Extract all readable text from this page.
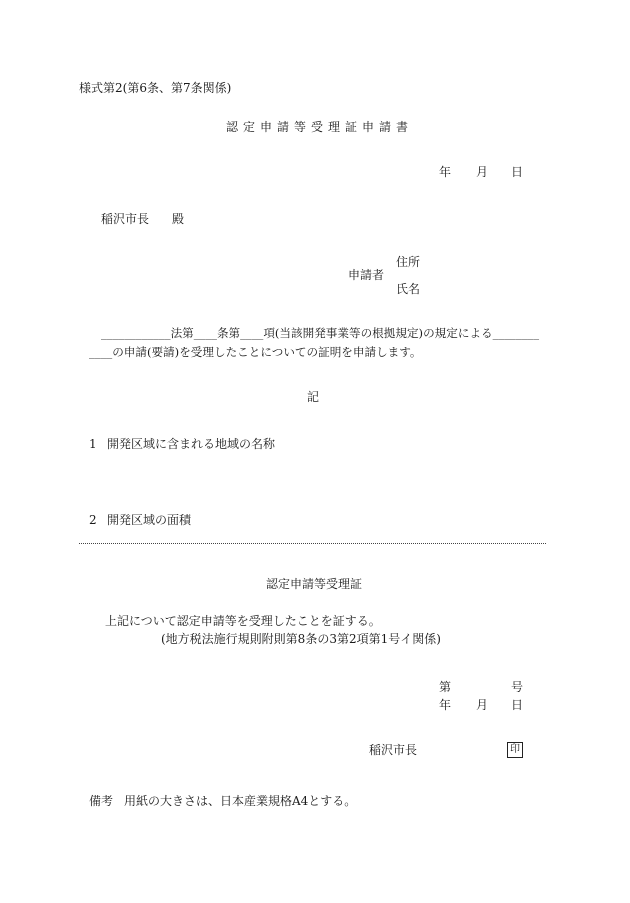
様式第2(第6条、第7条関係)
認定申請等受理証申請書
年 月 日
稲沢市長 殿
住所
申請者
氏名
____________法第____条第____項(当該開発事業等の根拠規定)の規定による________
____の申請(要請)を受理したことについての証明を申請します。
記
1 開発区域に含まれる地域の名称
2 開発区域の面積
認定申請等受理証
上記について認定申請等を受理したことを証する。
(地方税法施行規則附則第8条の3第2項第1号イ関係)
第	号
年 月 日
稲沢市長	印
備考 用紙の大きさは、日本産業規格A4とする。
